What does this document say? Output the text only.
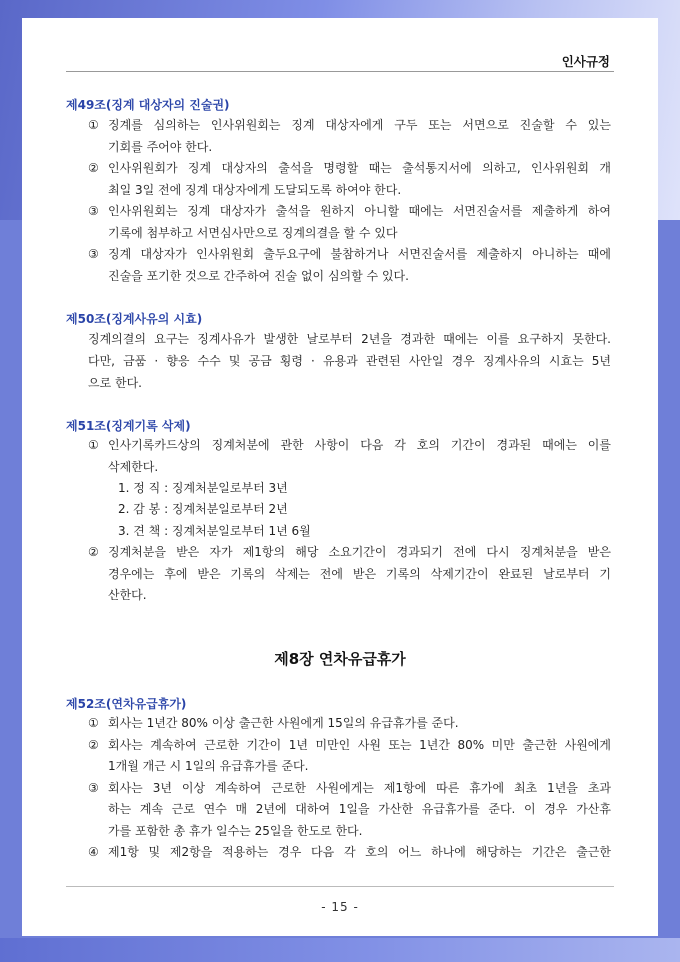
인사규정
제49조(징계 대상자의 진술권)
① 징계를 심의하는 인사위원회는 징계 대상자에게 구두 또는 서면으로 진술할 수 있는
기회를 주어야 한다.
② 인사위원회가 징계 대상자의 출석을 명령할 때는 출석통지서에 의하고, 인사위원회 개
최일 3일 전에 징계 대상자에게 도달되도록 하여야 한다.
③ 인사위원회는 징계 대상자가 출석을 원하지 아니할 때에는 서면진술서를 제출하게 하여
기록에 첨부하고 서면심사만으로 징계의결을 할 수 있다
③ 징계 대상자가 인사위원회 출두요구에 불참하거나 서면진술서를 제출하지 아니하는 때에
진술을 포기한 것으로 간주하여 진술 없이 심의할 수 있다.
제50조(징계사유의 시효)
징계의결의 요구는 징계사유가 발생한 날로부터 2년을 경과한 때에는 이를 요구하지 못한다.
다만, 금품 · 향응 수수 및 공금 횡령 · 유용과 관련된 사안일 경우 징계사유의 시효는 5년
으로 한다.
제51조(징계기록 삭제)
① 인사기록카드상의 징계처분에 관한 사항이 다음 각 호의 기간이 경과된 때에는 이를
삭제한다.
1. 정 직 : 징계처분일로부터 3년
2. 감 봉 : 징계처분일로부터 2년
3. 견 책 : 징계처분일로부터 1년 6월
② 징계처분을 받은 자가 제1항의 해당 소요기간이 경과되기 전에 다시 징계처분을 받은
경우에는 후에 받은 기록의 삭제는 전에 받은 기록의 삭제기간이 완료된 날로부터 기
산한다.
제8장 연차유급휴가
제52조(연차유급휴가)
① 회사는 1년간 80% 이상 출근한 사원에게 15일의 유급휴가를 준다.
② 회사는 계속하여 근로한 기간이 1년 미만인 사원 또는 1년간 80% 미만 출근한 사원에게
1개월 개근 시 1일의 유급휴가를 준다.
③ 회사는 3년 이상 계속하여 근로한 사원에게는 제1항에 따른 휴가에 최초 1년을 초과
하는 계속 근로 연수 매 2년에 대하여 1일을 가산한 유급휴가를 준다. 이 경우 가산휴
가를 포함한 총 휴가 일수는 25일을 한도로 한다.
④ 제1항 및 제2항을 적용하는 경우 다음 각 호의 어느 하나에 해당하는 기간은 출근한
- 15 -
